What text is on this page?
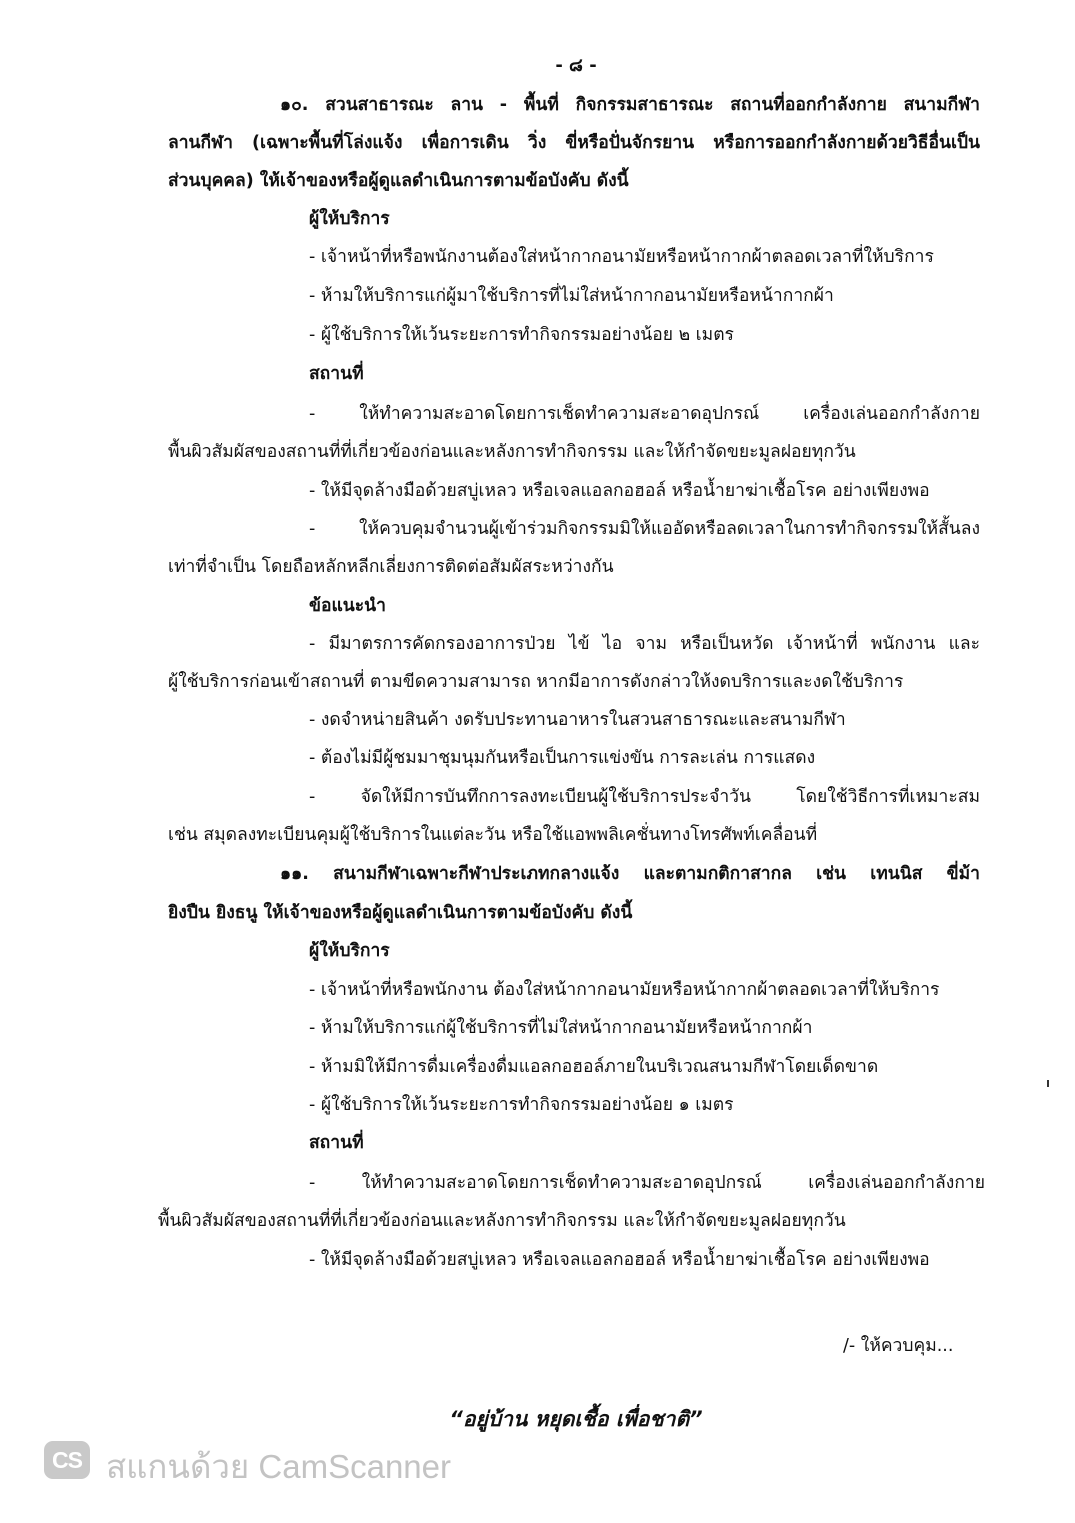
- ๘ -
๑๐. สวนสาธารณะ ลาน - พื้นที่ กิจกรรมสาธารณะ สถานที่ออกกำลังกาย สนามกีฬา
ลานกีฬา (เฉพาะพื้นที่โล่งแจ้ง เพื่อการเดิน วิ่ง ขี่หรือปั่นจักรยาน หรือการออกกำลังกายด้วยวิธีอื่นเป็น
ส่วนบุคคล) ให้เจ้าของหรือผู้ดูแลดำเนินการตามข้อบังคับ ดังนี้
ผู้ให้บริการ
- เจ้าหน้าที่หรือพนักงานต้องใส่หน้ากากอนามัยหรือหน้ากากผ้าตลอดเวลาที่ให้บริการ
- ห้ามให้บริการแก่ผู้มาใช้บริการที่ไม่ใส่หน้ากากอนามัยหรือหน้ากากผ้า
- ผู้ใช้บริการให้เว้นระยะการทำกิจกรรมอย่างน้อย ๒ เมตร
สถานที่
- ให้ทำความสะอาดโดยการเช็ดทำความสะอาดอุปกรณ์ เครื่องเล่นออกกำลังกาย
พื้นผิวสัมผัสของสถานที่ที่เกี่ยวข้องก่อนและหลังการทำกิจกรรม และให้กำจัดขยะมูลฝอยทุกวัน
- ให้มีจุดล้างมือด้วยสบู่เหลว หรือเจลแอลกอฮอล์ หรือน้ำยาฆ่าเชื้อโรค อย่างเพียงพอ
- ให้ควบคุมจำนวนผู้เข้าร่วมกิจกรรมมิให้แออัดหรือลดเวลาในการทำกิจกรรมให้สั้นลง
เท่าที่จำเป็น โดยถือหลักหลีกเลี่ยงการติดต่อสัมผัสระหว่างกัน
ข้อแนะนำ
- มีมาตรการคัดกรองอาการป่วย ไข้ ไอ จาม หรือเป็นหวัด เจ้าหน้าที่ พนักงาน และ
ผู้ใช้บริการก่อนเข้าสถานที่ ตามขีดความสามารถ หากมีอาการดังกล่าวให้งดบริการและงดใช้บริการ
- งดจำหน่ายสินค้า งดรับประทานอาหารในสวนสาธารณะและสนามกีฬา
- ต้องไม่มีผู้ชมมาชุมนุมกันหรือเป็นการแข่งขัน การละเล่น การแสดง
- จัดให้มีการบันทึกการลงทะเบียนผู้ใช้บริการประจำวัน โดยใช้วิธีการที่เหมาะสม
เช่น สมุดลงทะเบียนคุมผู้ใช้บริการในแต่ละวัน หรือใช้แอพพลิเคชั่นทางโทรศัพท์เคลื่อนที่
๑๑. สนามกีฬาเฉพาะกีฬาประเภทกลางแจ้ง และตามกติกาสากล เช่น เทนนิส ขี่ม้า
ยิงปืน ยิงธนู ให้เจ้าของหรือผู้ดูแลดำเนินการตามข้อบังคับ ดังนี้
ผู้ให้บริการ
- เจ้าหน้าที่หรือพนักงาน ต้องใส่หน้ากากอนามัยหรือหน้ากากผ้าตลอดเวลาที่ให้บริการ
- ห้ามให้บริการแก่ผู้ใช้บริการที่ไม่ใส่หน้ากากอนามัยหรือหน้ากากผ้า
- ห้ามมิให้มีการดื่มเครื่องดื่มแอลกอฮอล์ภายในบริเวณสนามกีฬาโดยเด็ดขาด
- ผู้ใช้บริการให้เว้นระยะการทำกิจกรรมอย่างน้อย ๑ เมตร
สถานที่
- ให้ทำความสะอาดโดยการเช็ดทำความสะอาดอุปกรณ์ เครื่องเล่นออกกำลังกาย
พื้นผิวสัมผัสของสถานที่ที่เกี่ยวข้องก่อนและหลังการทำกิจกรรม และให้กำจัดขยะมูลฝอยทุกวัน
- ให้มีจุดล้างมือด้วยสบู่เหลว หรือเจลแอลกอฮอล์ หรือน้ำยาฆ่าเชื้อโรค อย่างเพียงพอ
/- ให้ควบคุม...
“อยู่บ้าน หยุดเชื้อ เพื่อชาติ”
CS สแกนด้วย CamScanner
